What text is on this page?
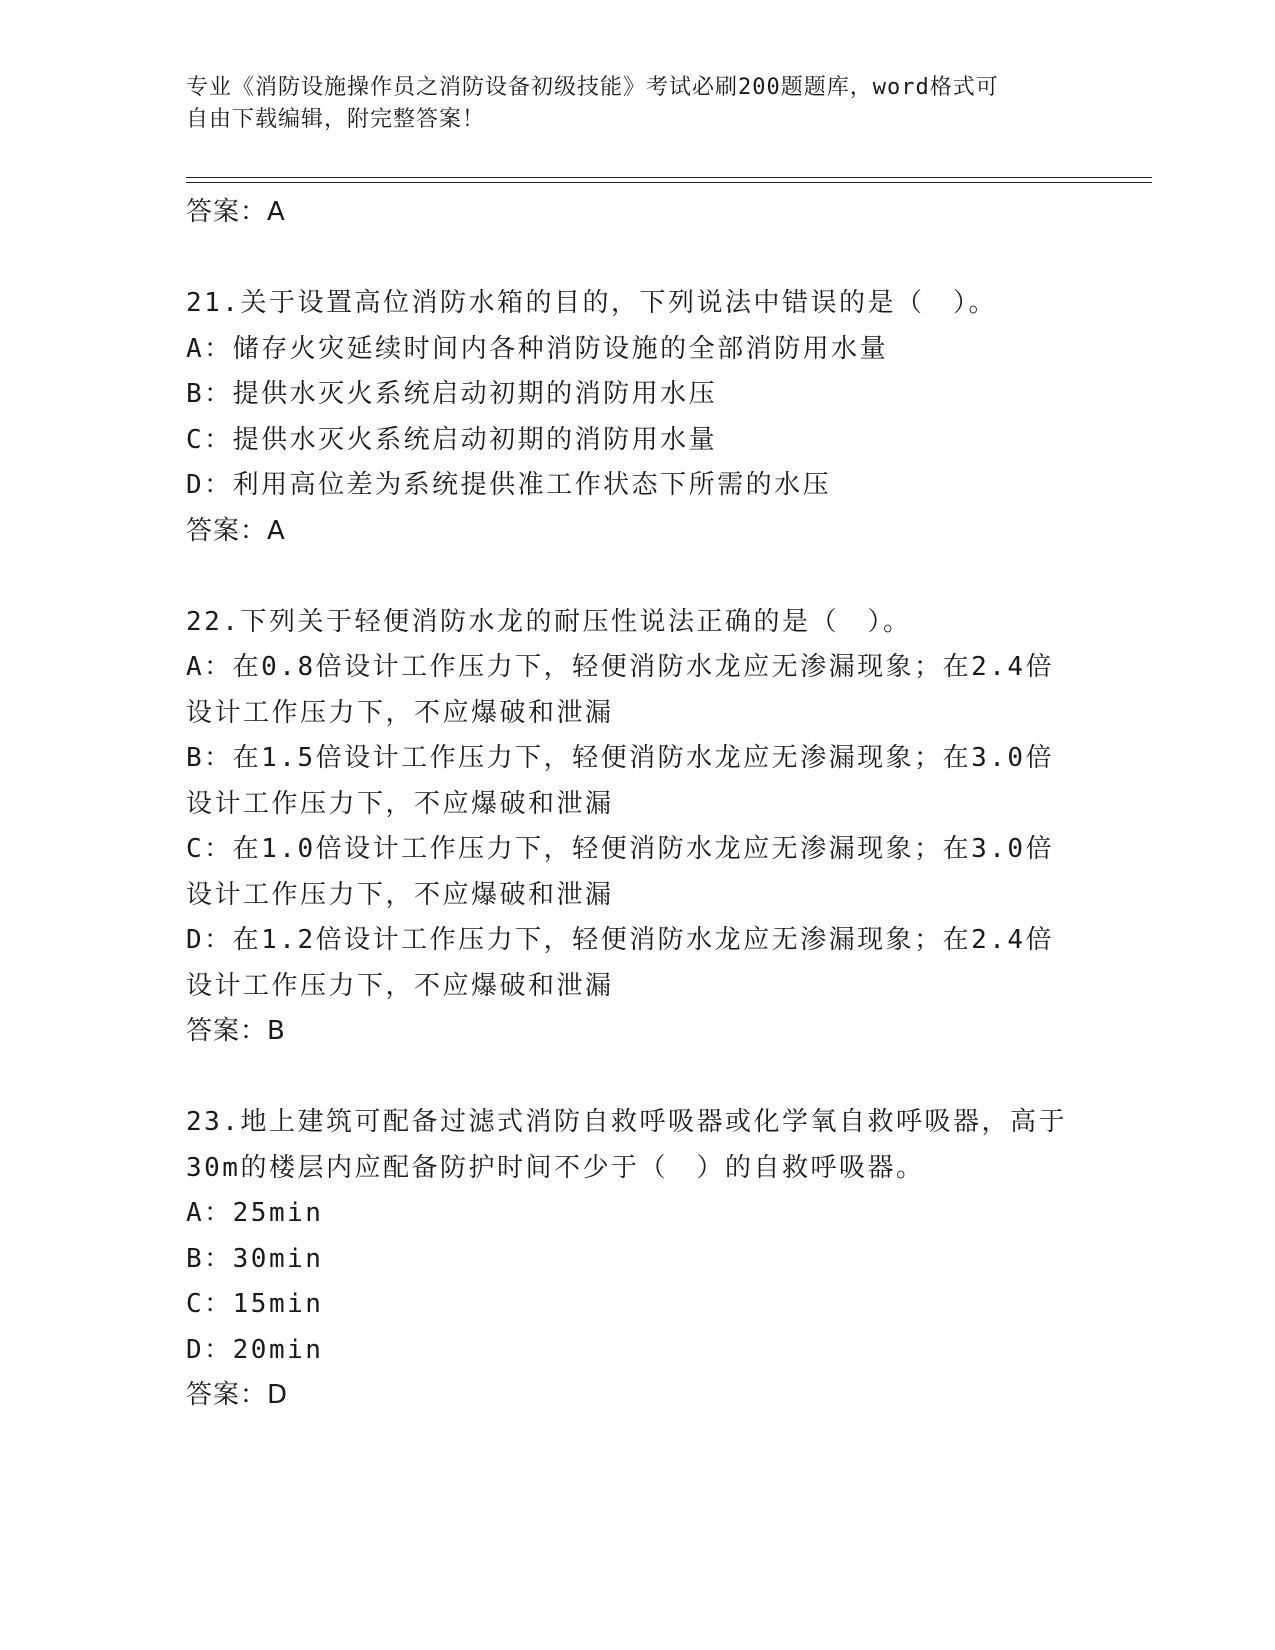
专业《消防设施操作员之消防设备初级技能》考试必刷200题题库，word格式可
自由下载编辑，附完整答案！
答案：A
21.关于设置高位消防水箱的目的，下列说法中错误的是（　）。
A：储存火灾延续时间内各种消防设施的全部消防用水量
B：提供水灭火系统启动初期的消防用水压
C：提供水灭火系统启动初期的消防用水量
D：利用高位差为系统提供准工作状态下所需的水压
答案：A
22.下列关于轻便消防水龙的耐压性说法正确的是（　）。
A：在0.8倍设计工作压力下，轻便消防水龙应无渗漏现象；在2.4倍
设计工作压力下，不应爆破和泄漏
B：在1.5倍设计工作压力下，轻便消防水龙应无渗漏现象；在3.0倍
设计工作压力下，不应爆破和泄漏
C：在1.0倍设计工作压力下，轻便消防水龙应无渗漏现象；在3.0倍
设计工作压力下，不应爆破和泄漏
D：在1.2倍设计工作压力下，轻便消防水龙应无渗漏现象；在2.4倍
设计工作压力下，不应爆破和泄漏
答案：B
23.地上建筑可配备过滤式消防自救呼吸器或化学氧自救呼吸器，高于
30m的楼层内应配备防护时间不少于（　）的自救呼吸器。
A：25min
B：30min
C：15min
D：20min
答案：D
